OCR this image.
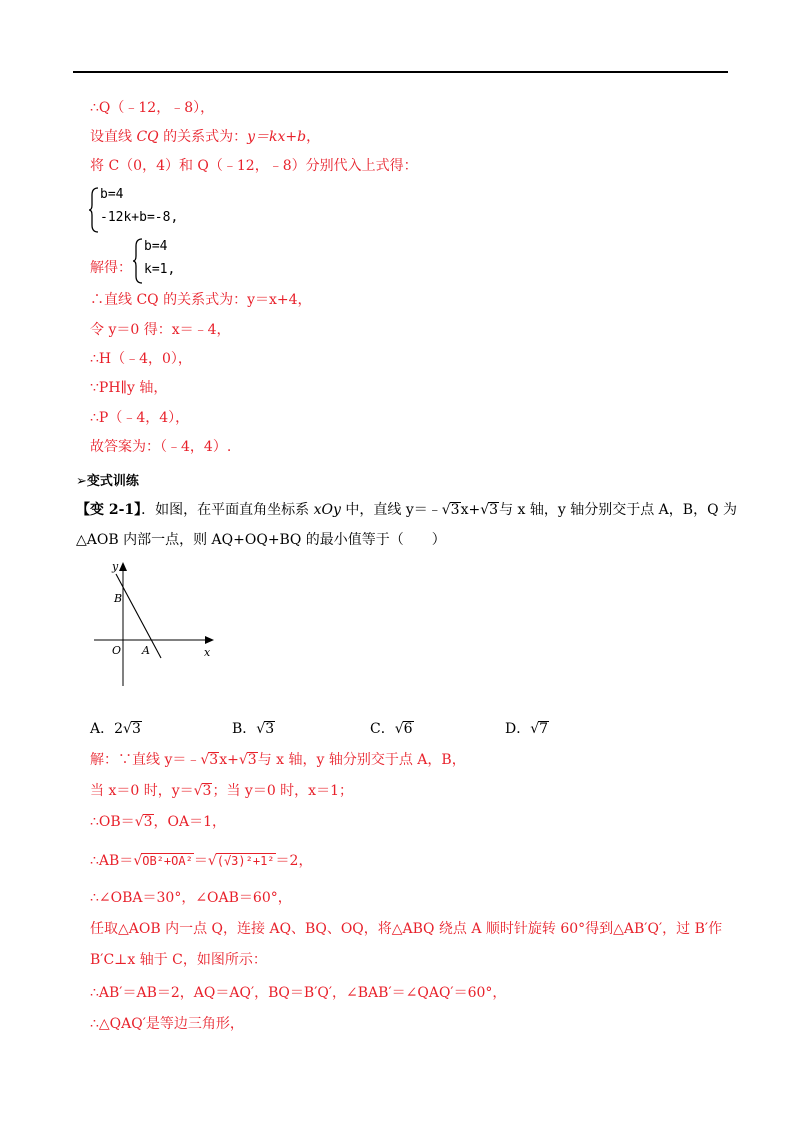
∴Q（﹣12，﹣8），
设直线 CQ 的关系式为：y＝kx+b，
将 C（0，4）和 Q（﹣12，﹣8）分别代入上式得：
b=4
-12k+b=-8,
解得：
b=4
k=1,
∴直线 CQ 的关系式为：y＝x+4，
令 y＝0 得：x＝﹣4，
∴H（﹣4，0），
∵PH∥y 轴，
∴P（﹣4，4），
故答案为：（﹣4，4）.
➢变式训练
【变 2-1】．如图，在平面直角坐标系 xOy 中，直线 y＝﹣√3x+√3与 x 轴，y 轴分别交于点 A，B，Q 为
△AOB 内部一点，则 AQ+OQ+BQ 的最小值等于（　　）
y
x
B
O A
A．2√3	B．√3	C．√6	D．√7
解：∵直线 y＝﹣√3x+√3与 x 轴，y 轴分别交于点 A，B，
当 x＝0 时，y＝√3；当 y＝0 时，x＝1；
∴OB＝√3，OA＝1，
∴AB＝√OB²+OA²＝√(√3)²+1²＝2，
∴∠OBA＝30°，∠OAB＝60°，
任取△AOB 内一点 Q，连接 AQ、BQ、OQ，将△ABQ 绕点 A 顺时针旋转 60°得到△AB′Q′，过 B′作
B′C⊥x 轴于 C，如图所示：
∴AB′＝AB＝2，AQ＝AQ′，BQ＝B′Q′，∠BAB′＝∠QAQ′＝60°，
∴△QAQ′是等边三角形，
